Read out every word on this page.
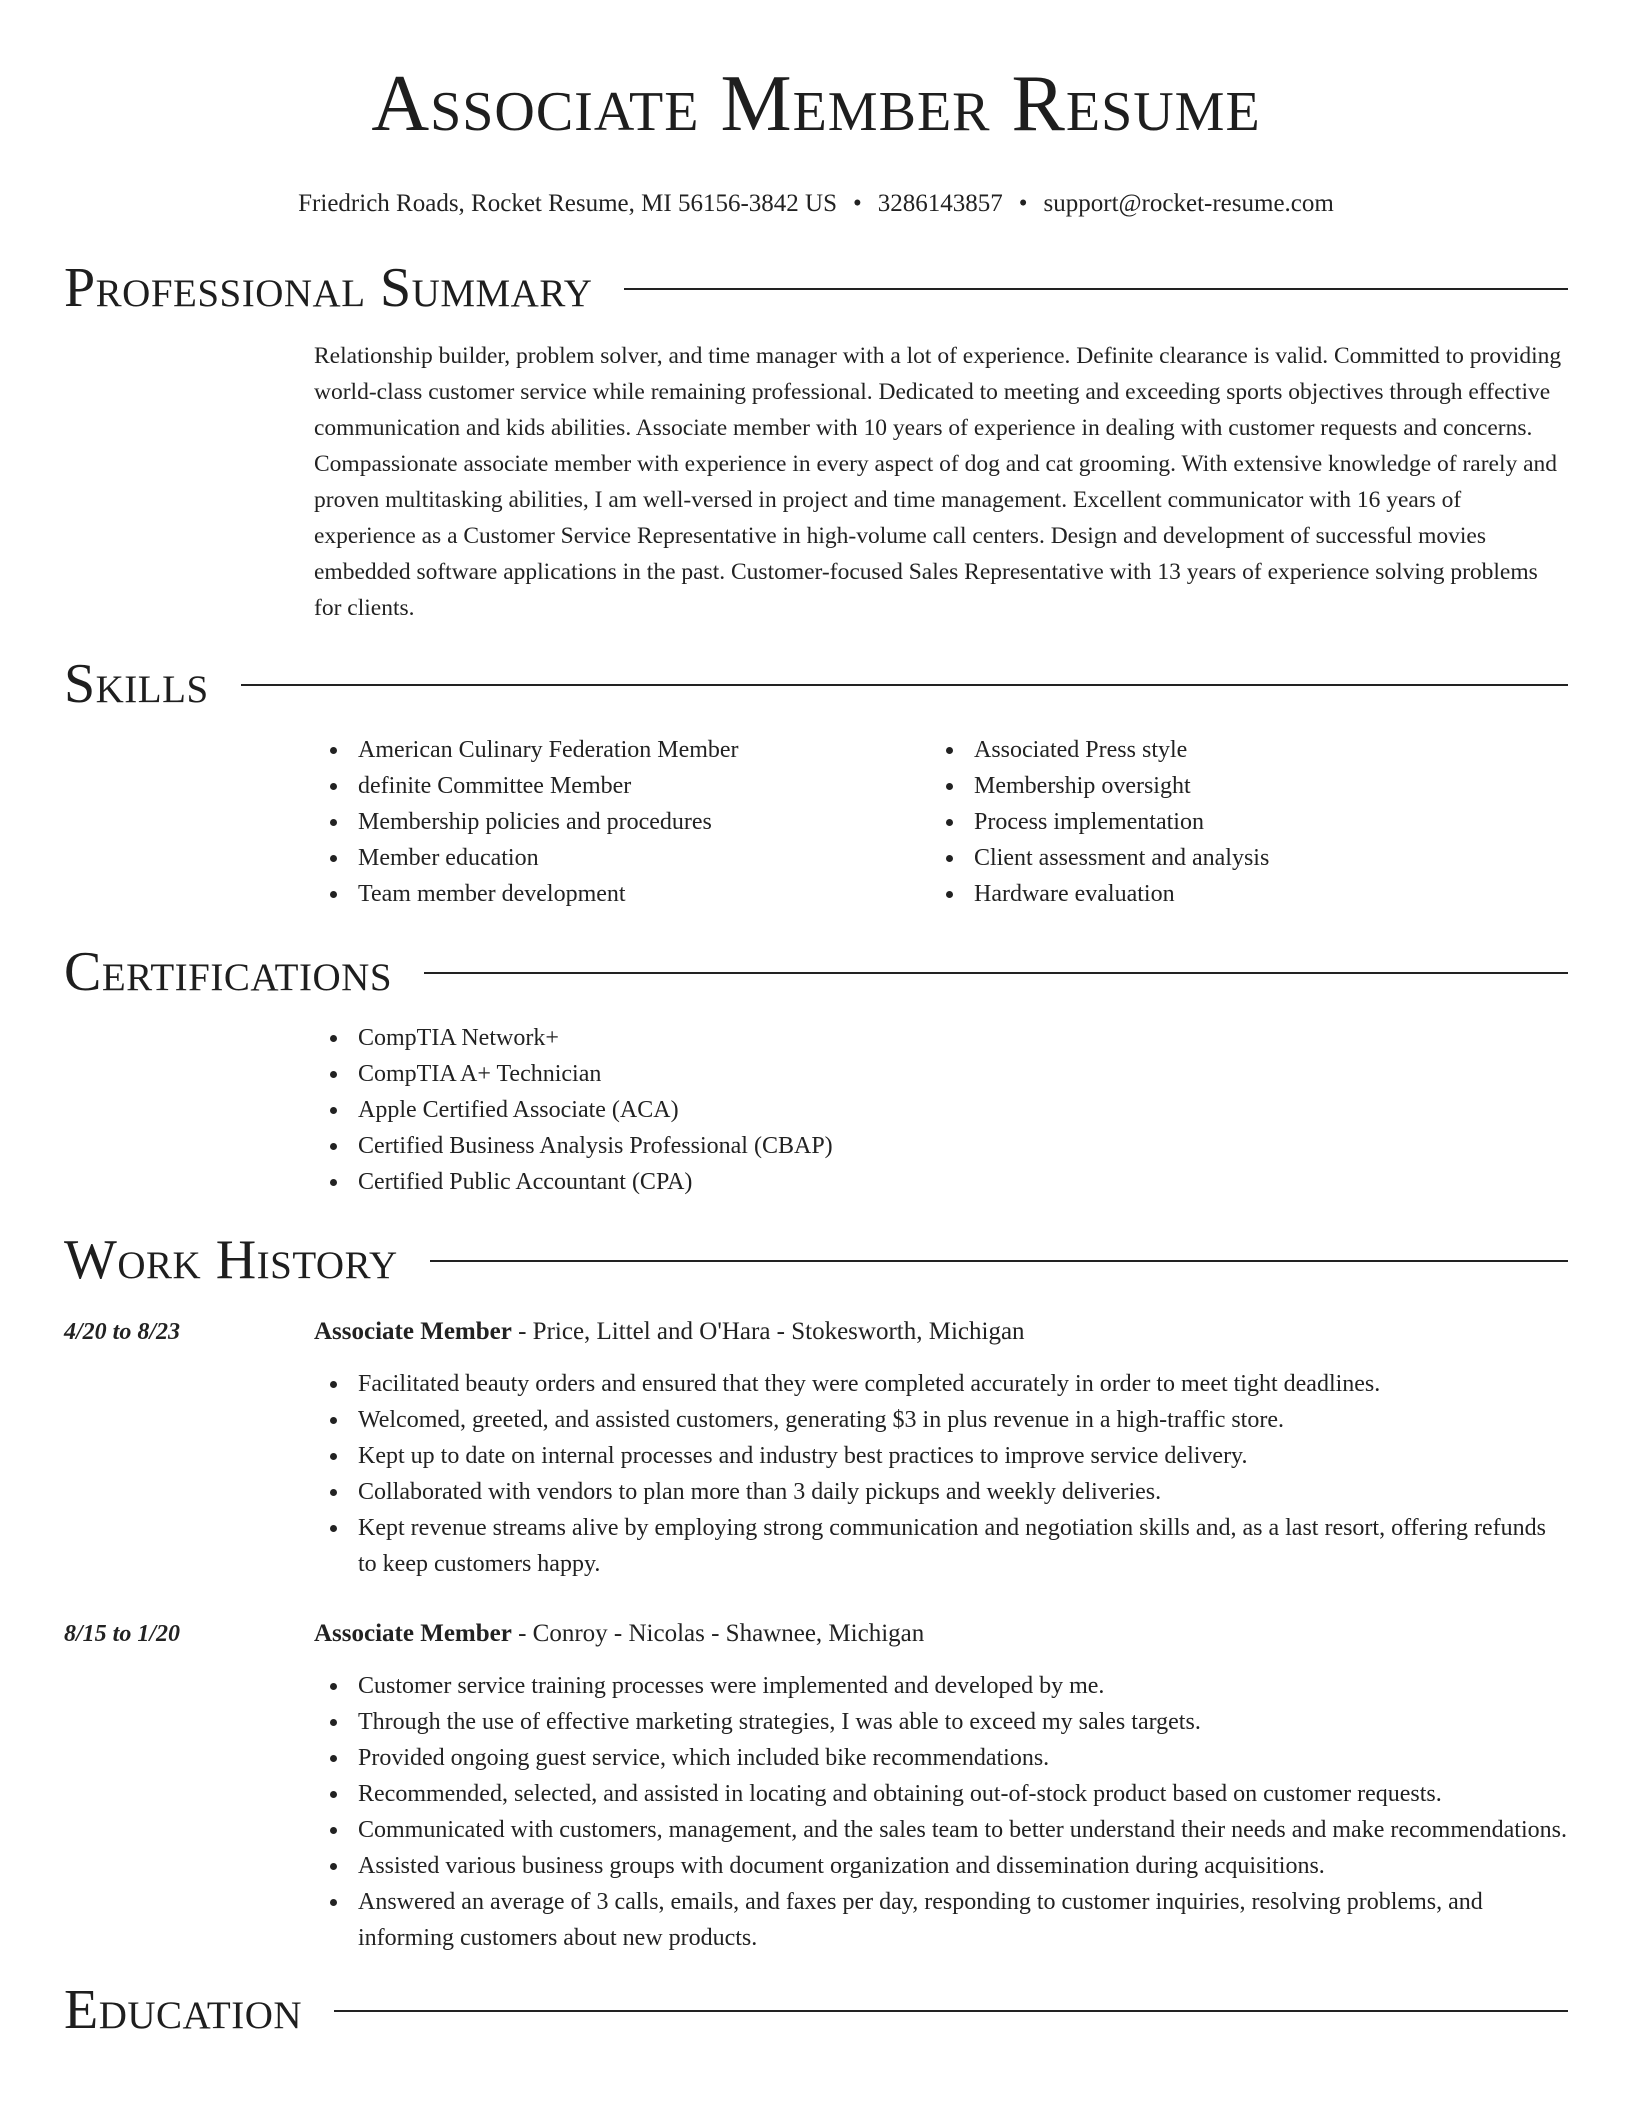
Associate Member Resume
Friedrich Roads, Rocket Resume, MI 56156-3842 US • 3286143857 • support@rocket-resume.com
Professional Summary

Relationship builder, problem solver, and time manager with a lot of experience. Definite clearance is valid. Committed to providing world-class customer service while remaining professional. Dedicated to meeting and exceeding sports objectives through effective communication and kids abilities. Associate member with 10 years of experience in dealing with customer requests and concerns. Compassionate associate member with experience in every aspect of dog and cat grooming. With extensive knowledge of rarely and proven multitasking abilities, I am well-versed in project and time management. Excellent communicator with 16 years of experience as a Customer Service Representative in high-volume call centers. Design and development of successful movies embedded software applications in the past. Customer-focused Sales Representative with 13 years of experience solving problems for clients.

Skills
American Culinary Federation Member
definite Committee Member
Membership policies and procedures
Member education
Team member development
Associated Press style
Membership oversight
Process implementation
Client assessment and analysis
Hardware evaluation
Certifications
CompTIA Network+
CompTIA A+ Technician
Apple Certified Associate (ACA)
Certified Business Analysis Professional (CBAP)
Certified Public Accountant (CPA)
Work History
4/20 to 8/23	Associate Member - Price, Littel and O'Hara - Stokesworth, Michigan
Facilitated beauty orders and ensured that they were completed accurately in order to meet tight deadlines.
Welcomed, greeted, and assisted customers, generating $3 in plus revenue in a high-traffic store.
Kept up to date on internal processes and industry best practices to improve service delivery.
Collaborated with vendors to plan more than 3 daily pickups and weekly deliveries.
Kept revenue streams alive by employing strong communication and negotiation skills and, as a last resort, offering refunds to keep customers happy.
8/15 to 1/20	Associate Member - Conroy - Nicolas - Shawnee, Michigan
Customer service training processes were implemented and developed by me.
Through the use of effective marketing strategies, I was able to exceed my sales targets.
Provided ongoing guest service, which included bike recommendations.
Recommended, selected, and assisted in locating and obtaining out-of-stock product based on customer requests.
Communicated with customers, management, and the sales team to better understand their needs and make recommendations.
Assisted various business groups with document organization and dissemination during acquisitions.
Answered an average of 3 calls, emails, and faxes per day, responding to customer inquiries, resolving problems, and informing customers about new products.
Education
